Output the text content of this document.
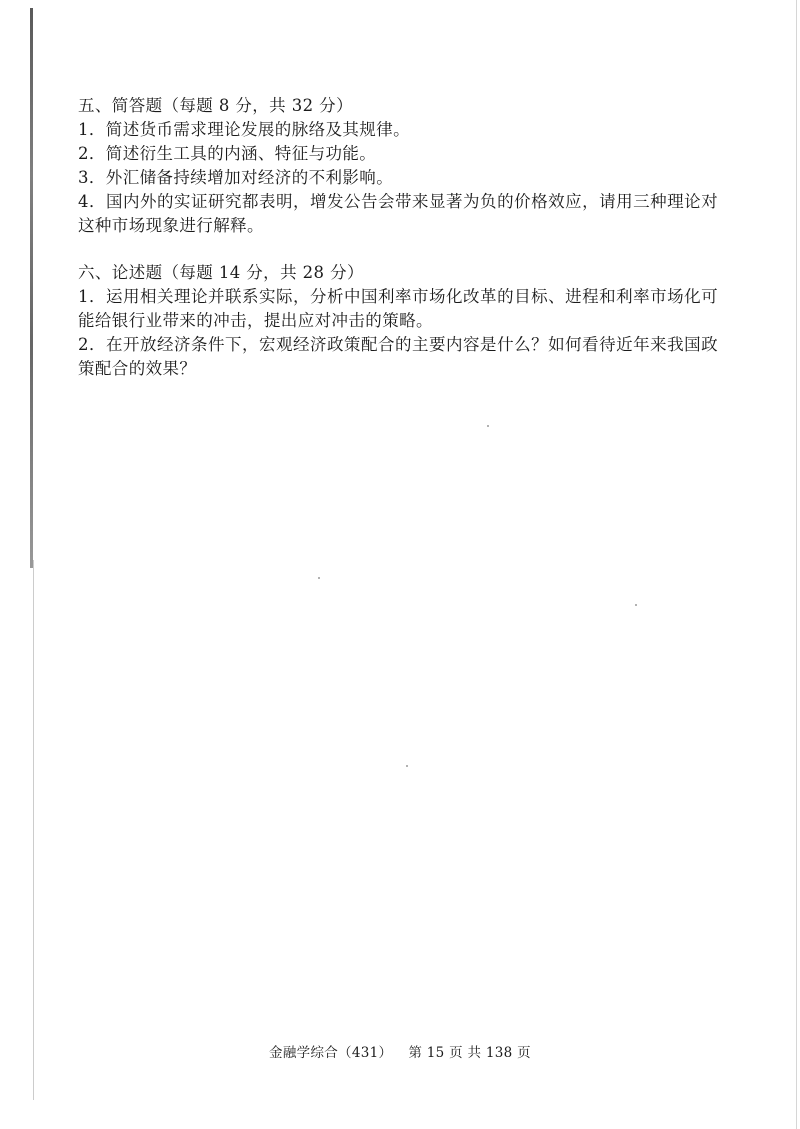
五、简答题（每题 8 分，共 32 分）

1．简述货币需求理论发展的脉络及其规律。

2．简述衍生工具的内涵、特征与功能。

3．外汇储备持续增加对经济的不利影响。

4．国内外的实证研究都表明，增发公告会带来显著为负的价格效应，请用三种理论对这种市场现象进行解释。

六、论述题（每题 14 分，共 28 分）

1．运用相关理论并联系实际，分析中国利率市场化改革的目标、进程和利率市场化可能给银行业带来的冲击，提出应对冲击的策略。

2．在开放经济条件下，宏观经济政策配合的主要内容是什么？如何看待近年来我国政策配合的效果？

金融学综合（431） 第 15 页 共 138 页
